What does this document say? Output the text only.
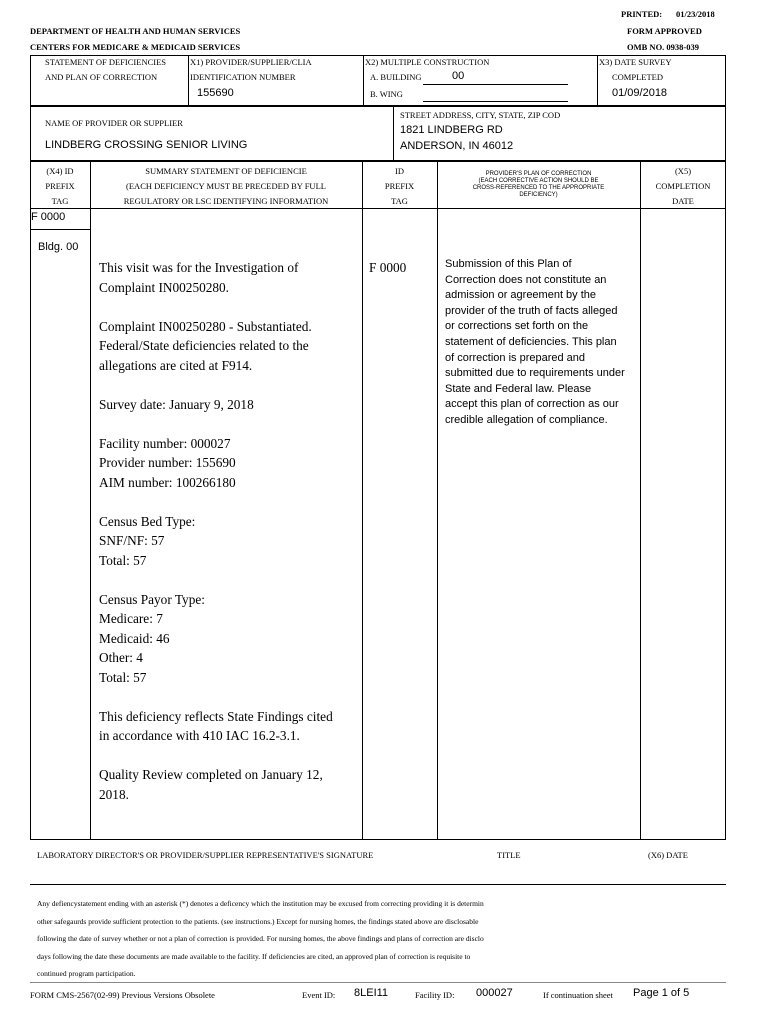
PRINTED: 01/23/2018
DEPARTMENT OF HEALTH AND HUMAN SERVICES	FORM APPROVED
CENTERS FOR MEDICARE & MEDICAID SERVICES	OMB NO. 0938-039
STATEMENT OF DEFICIENCIES
AND PLAN OF CORRECTION
X1) PROVIDER/SUPPLIER/CLIA
IDENTIFICATION NUMBER
155690
X2) MULTIPLE CONSTRUCTION
A. BUILDING	00
B. WING
X3) DATE SURVEY
COMPLETED
01/09/2018
NAME OF PROVIDER OR SUPPLIER
LINDBERG CROSSING SENIOR LIVING
STREET ADDRESS, CITY, STATE, ZIP COD
1821 LINDBERG RD
ANDERSON, IN 46012
(X4) ID
PREFIX
TAG
SUMMARY STATEMENT OF DEFICIENCIE
(EACH DEFICIENCY MUST BE PRECEDED BY FULL
REGULATORY OR LSC IDENTIFYING INFORMATION
ID
PREFIX
TAG
PROVIDER'S PLAN OF CORRECTION
(EACH CORRECTIVE ACTION SHOULD BE
CROSS-REFERENCED TO THE APPROPRIATE
DEFICIENCY)
(X5)
COMPLETION
DATE
F 0000
Bldg. 00

This visit was for the Investigation of
Complaint IN00250280.

Complaint IN00250280 - Substantiated.
Federal/State deficiencies related to the
allegations are cited at F914.

Survey date: January 9, 2018

Facility number: 000027
Provider number: 155690
AIM number: 100266180

Census Bed Type:
SNF/NF: 57
Total: 57

Census Payor Type:
Medicare: 7
Medicaid: 46
Other: 4
Total: 57

This deficiency reflects State Findings cited
in accordance with 410 IAC 16.2-3.1.

Quality Review completed on January 12,
2018.

F 0000	Submission of this Plan of Correction does not constitute an admission or agreement by the provider of the truth of facts alleged or corrections set forth on the statement of deficiencies. This plan of correction is prepared and submitted due to requirements under State and Federal law. Please accept this plan of correction as our credible allegation of compliance.
LABORATORY DIRECTOR'S OR PROVIDER/SUPPLIER REPRESENTATIVE'S SIGNATURE	TITLE	(X6) DATE
Any defiencystatement ending with an asterisk (*) denotes a deficency which the institution may be excused from correcting providing it is determin
other safegaurds provide sufficient protection to the patients. (see instructions.) Except for nursing homes, the findings stated above are disclosable
following the date of survey whether or not a plan of correction is provided. For nursing homes, the above findings and plans of correction are disclo
days following the date these documents are made available to the facility. If deficiencies are cited, an approved plan of correction is requisite to
continued program participation.
FORM CMS-2567(02-99) Previous Versions Obsolete	Event ID: 8LEI11	Facility ID: 000027	If continuation sheet Page 1 of 5
